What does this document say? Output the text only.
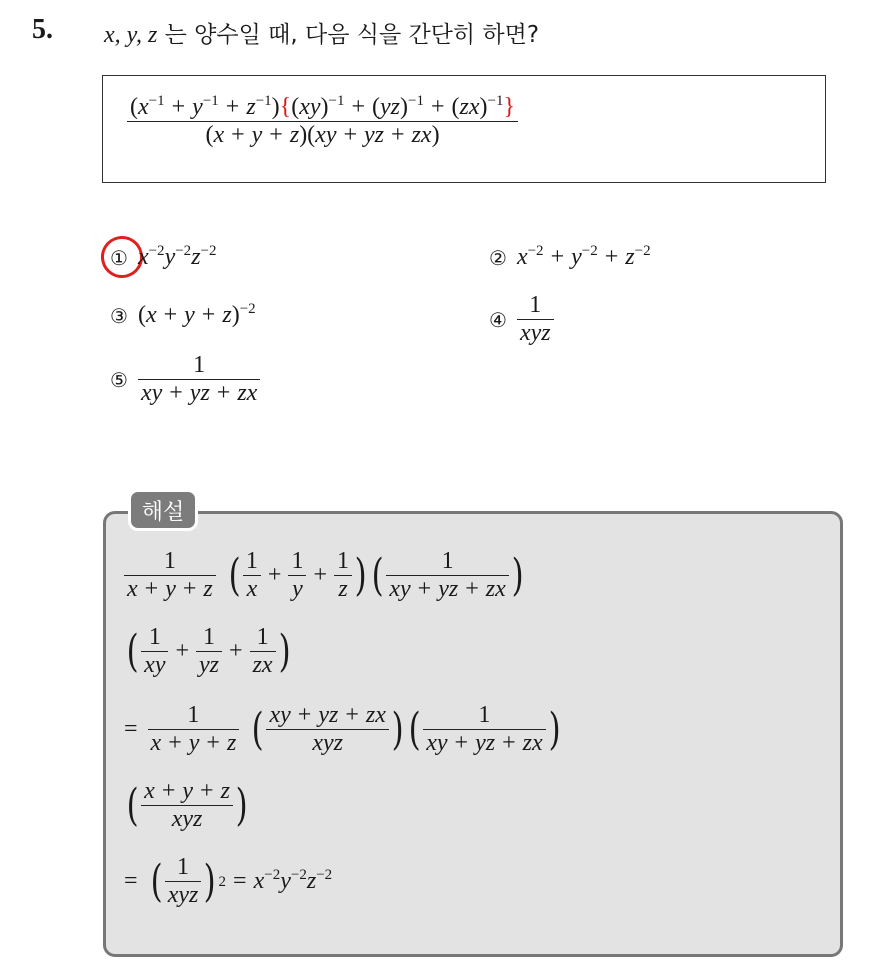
5. x, y, z 는 양수일 때, 다음 식을 간단히 하면?
$\frac{(x^{-1} + y^{-1} + z^{-1})\{(xy)^{-1} + (yz)^{-1} + (zx)^{-1}\}}{(x + y + z)(xy + yz + zx)}$
① $x^{-2}y^{-2}z^{-2}$	② $x^{-2} + y^{-2} + z^{-2}$
③ $(x + y + z)^{-2}$	④ $\frac{1}{\text{xyz}}$
⑤ $\frac{1}{xy + yz + zx}$
해설
$\frac{1}{x + y + z}$ ( $\frac{1}{x} + \frac{1}{y} + \frac{1}{z}$ ) ( $\frac{1}{xy + yz + zx}$ )
( $\frac{1}{xy} + \frac{1}{yz} + \frac{1}{zx}$ )
= $\frac{1}{x + y + z}$ ( $\frac{xy + yz + zx}{\text{xyz}}$ ) ( $\frac{1}{xy + yz + zx}$ )
( $\frac{x + y + z}{\text{xyz}}$ )
= ( $\frac{1}{\text{xyz}}$ ) $2 = x^{-2}y^{-2}z^{-2}$
